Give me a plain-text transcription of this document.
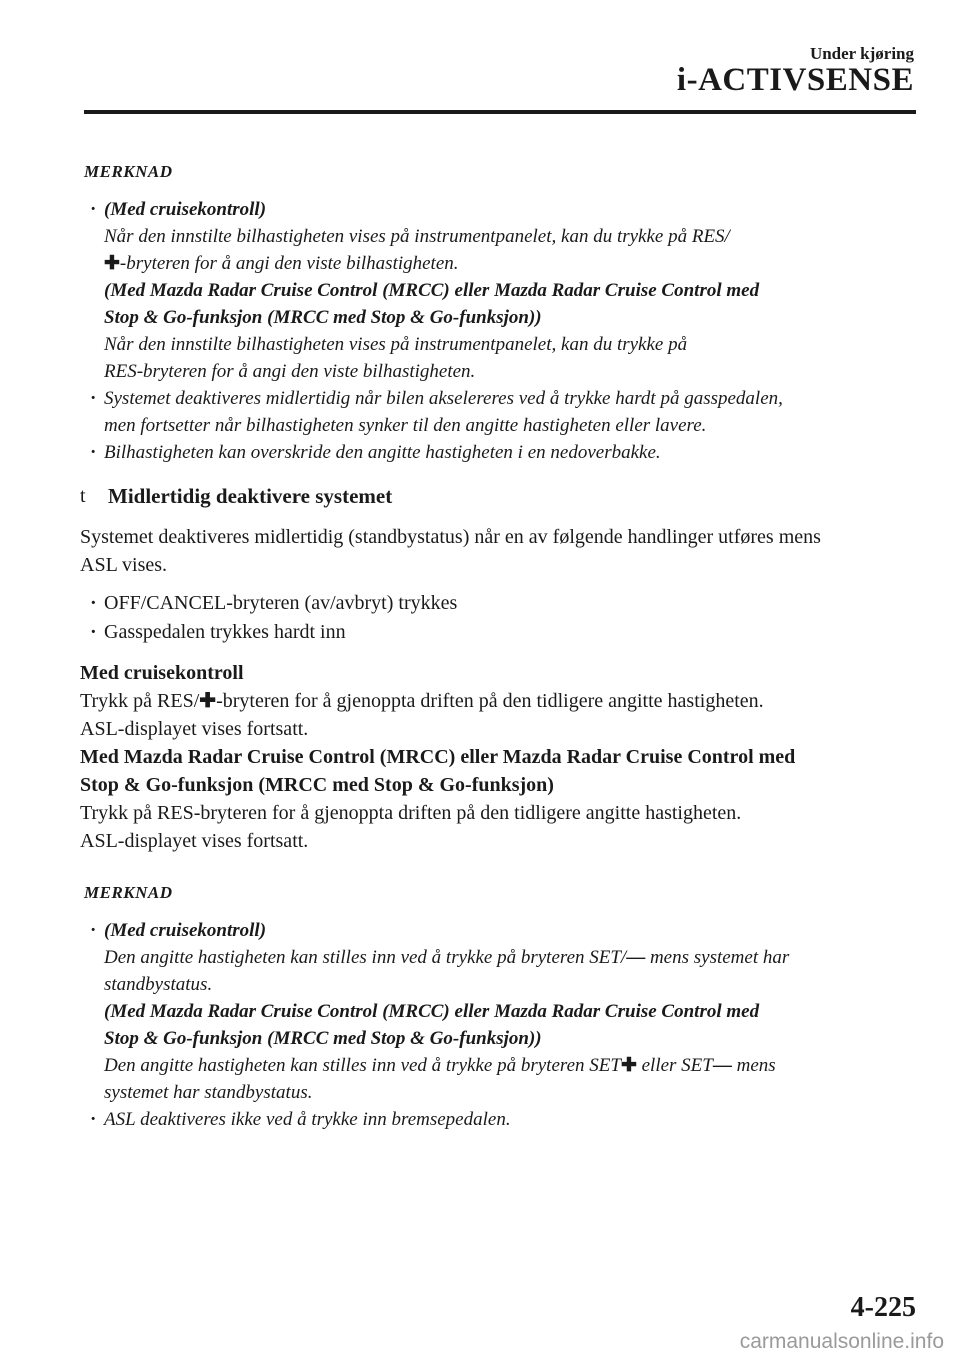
Under kjøring
i-ACTIVSENSE
MERKNAD
· (Med cruisekontroll)
Når den innstilte bilhastigheten vises på instrumentpanelet, kan du trykke på RES/
✚-bryteren for å angi den viste bilhastigheten.
(Med Mazda Radar Cruise Control (MRCC) eller Mazda Radar Cruise Control med
Stop & Go-funksjon (MRCC med Stop & Go-funksjon))
Når den innstilte bilhastigheten vises på instrumentpanelet, kan du trykke på
RES-bryteren for å angi den viste bilhastigheten.
· Systemet deaktiveres midlertidig når bilen akselereres ved å trykke hardt på gasspedalen,
men fortsetter når bilhastigheten synker til den angitte hastigheten eller lavere.
· Bilhastigheten kan overskride den angitte hastigheten i en nedoverbakke.
t	Midlertidig deaktivere systemet
Systemet deaktiveres midlertidig (standbystatus) når en av følgende handlinger utføres mens
ASL vises.
· OFF/CANCEL-bryteren (av/avbryt) trykkes
· Gasspedalen trykkes hardt inn
Med cruisekontroll
Trykk på RES/✚-bryteren for å gjenoppta driften på den tidligere angitte hastigheten.
ASL-displayet vises fortsatt.
Med Mazda Radar Cruise Control (MRCC) eller Mazda Radar Cruise Control med
Stop & Go-funksjon (MRCC med Stop & Go-funksjon)
Trykk på RES-bryteren for å gjenoppta driften på den tidligere angitte hastigheten.
ASL-displayet vises fortsatt.
MERKNAD
· (Med cruisekontroll)
Den angitte hastigheten kan stilles inn ved å trykke på bryteren SET/— mens systemet har
standbystatus.
(Med Mazda Radar Cruise Control (MRCC) eller Mazda Radar Cruise Control med
Stop & Go-funksjon (MRCC med Stop & Go-funksjon))
Den angitte hastigheten kan stilles inn ved å trykke på bryteren SET✚ eller SET— mens
systemet har standbystatus.
· ASL deaktiveres ikke ved å trykke inn bremsepedalen.
4-225
carmanualsonline.info
